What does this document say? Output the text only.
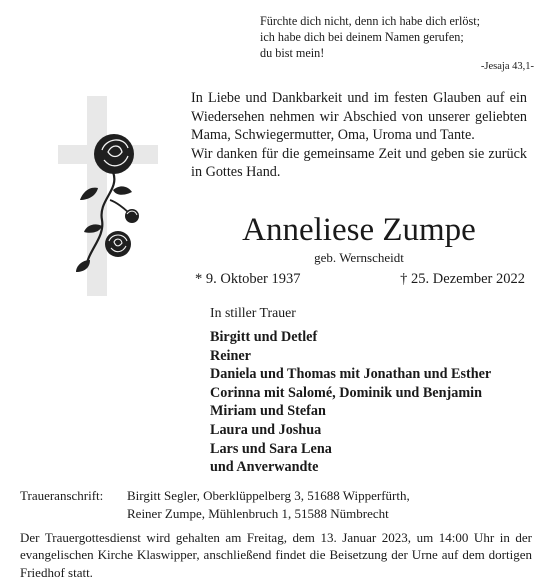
Fürchte dich nicht, denn ich habe dich erlöst;
ich habe dich bei deinem Namen gerufen;
du bist mein!
-Jesaja 43,1-

In Liebe und Dankbarkeit und im festen Glauben auf ein Wiedersehen nehmen wir Abschied von unserer geliebten Mama, Schwiegermutter, Oma, Uroma und Tante.

Wir danken für die gemeinsame Zeit und geben sie zurück in Gottes Hand.

Anneliese Zumpe
geb. Wernscheidt
* 9. Oktober 1937	† 25. Dezember 2022
In stiller Trauer
Birgitt und Detlef
Reiner
Daniela und Thomas mit Jonathan und Esther
Corinna mit Salomé, Dominik und Benjamin
Miriam und Stefan
Laura und Joshua
Lars und Sara Lena
und Anverwandte
Traueranschrift: Birgitt Segler, Oberklüppelberg 3, 51688 Wipperfürth,
Reiner Zumpe, Mühlenbruch 1, 51588 Nümbrecht
Der Trauergottesdienst wird gehalten am Freitag, dem 13. Januar 2023, um 14:00 Uhr in der evangelischen Kirche Klaswipper, anschließend findet die Beisetzung der Urne auf dem dortigen Friedhof statt.
